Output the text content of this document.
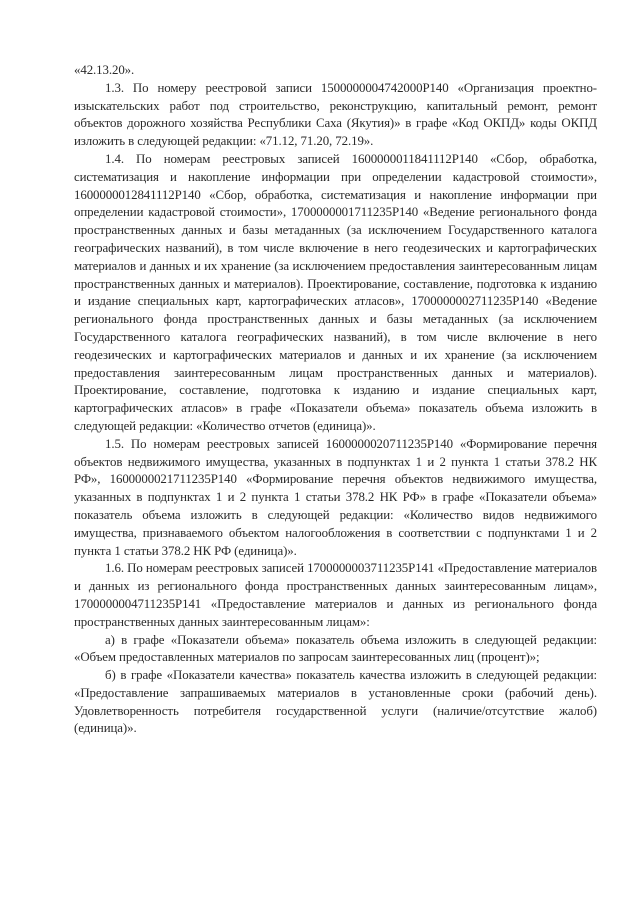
«42.13.20».

1.3. По номеру реестровой записи 1500000004742000Р140 «Организация проектно-изыскательских работ под строительство, реконструкцию, капитальный ремонт, ремонт объектов дорожного хозяйства Республики Саха (Якутия)» в графе «Код ОКПД» коды ОКПД изложить в следующей редакции: «71.12, 71.20, 72.19».

1.4. По номерам реестровых записей 1600000011841112Р140 «Сбор, обработка, систематизация и накопление информации при определении кадастровой стоимости», 1600000012841112Р140 «Сбор, обработка, систематизация и накопление информации при определении кадастровой стоимости», 1700000001711235Р140 «Ведение регионального фонда пространственных данных и базы метаданных (за исключением Государственного каталога географических названий), в том числе включение в него геодезических и картографических материалов и данных и их хранение (за исключением предоставления заинтересованным лицам пространственных данных и материалов). Проектирование, составление, подготовка к изданию и издание специальных карт, картографических атласов», 1700000002711235Р140 «Ведение регионального фонда пространственных данных и базы метаданных (за исключением Государственного каталога географических названий), в том числе включение в него геодезических и картографических материалов и данных и их хранение (за исключением предоставления заинтересованным лицам пространственных данных и материалов). Проектирование, составление, подготовка к изданию и издание специальных карт, картографических атласов» в графе «Показатели объема» показатель объема изложить в следующей редакции: «Количество отчетов (единица)».

1.5. По номерам реестровых записей 1600000020711235Р140 «Формирование перечня объектов недвижимого имущества, указанных в подпунктах 1 и 2 пункта 1 статьи 378.2 НК РФ», 1600000021711235Р140 «Формирование перечня объектов недвижимого имущества, указанных в подпунктах 1 и 2 пункта 1 статьи 378.2 НК РФ» в графе «Показатели объема» показатель объема изложить в следующей редакции: «Количество видов недвижимого имущества, признаваемого объектом налогообложения в соответствии с подпунктами 1 и 2 пункта 1 статьи 378.2 НК РФ (единица)».

1.6. По номерам реестровых записей 1700000003711235Р141 «Предоставление материалов и данных из регионального фонда пространственных данных заинтересованным лицам», 1700000004711235Р141 «Предоставление материалов и данных из регионального фонда пространственных данных заинтересованным лицам»:

а) в графе «Показатели объема» показатель объема изложить в следующей редакции: «Объем предоставленных материалов по запросам заинтересованных лиц (процент)»;

б) в графе «Показатели качества» показатель качества изложить в следующей редакции: «Предоставление запрашиваемых материалов в установленные сроки (рабочий день). Удовлетворенность потребителя государственной услуги (наличие/отсутствие жалоб) (единица)».
